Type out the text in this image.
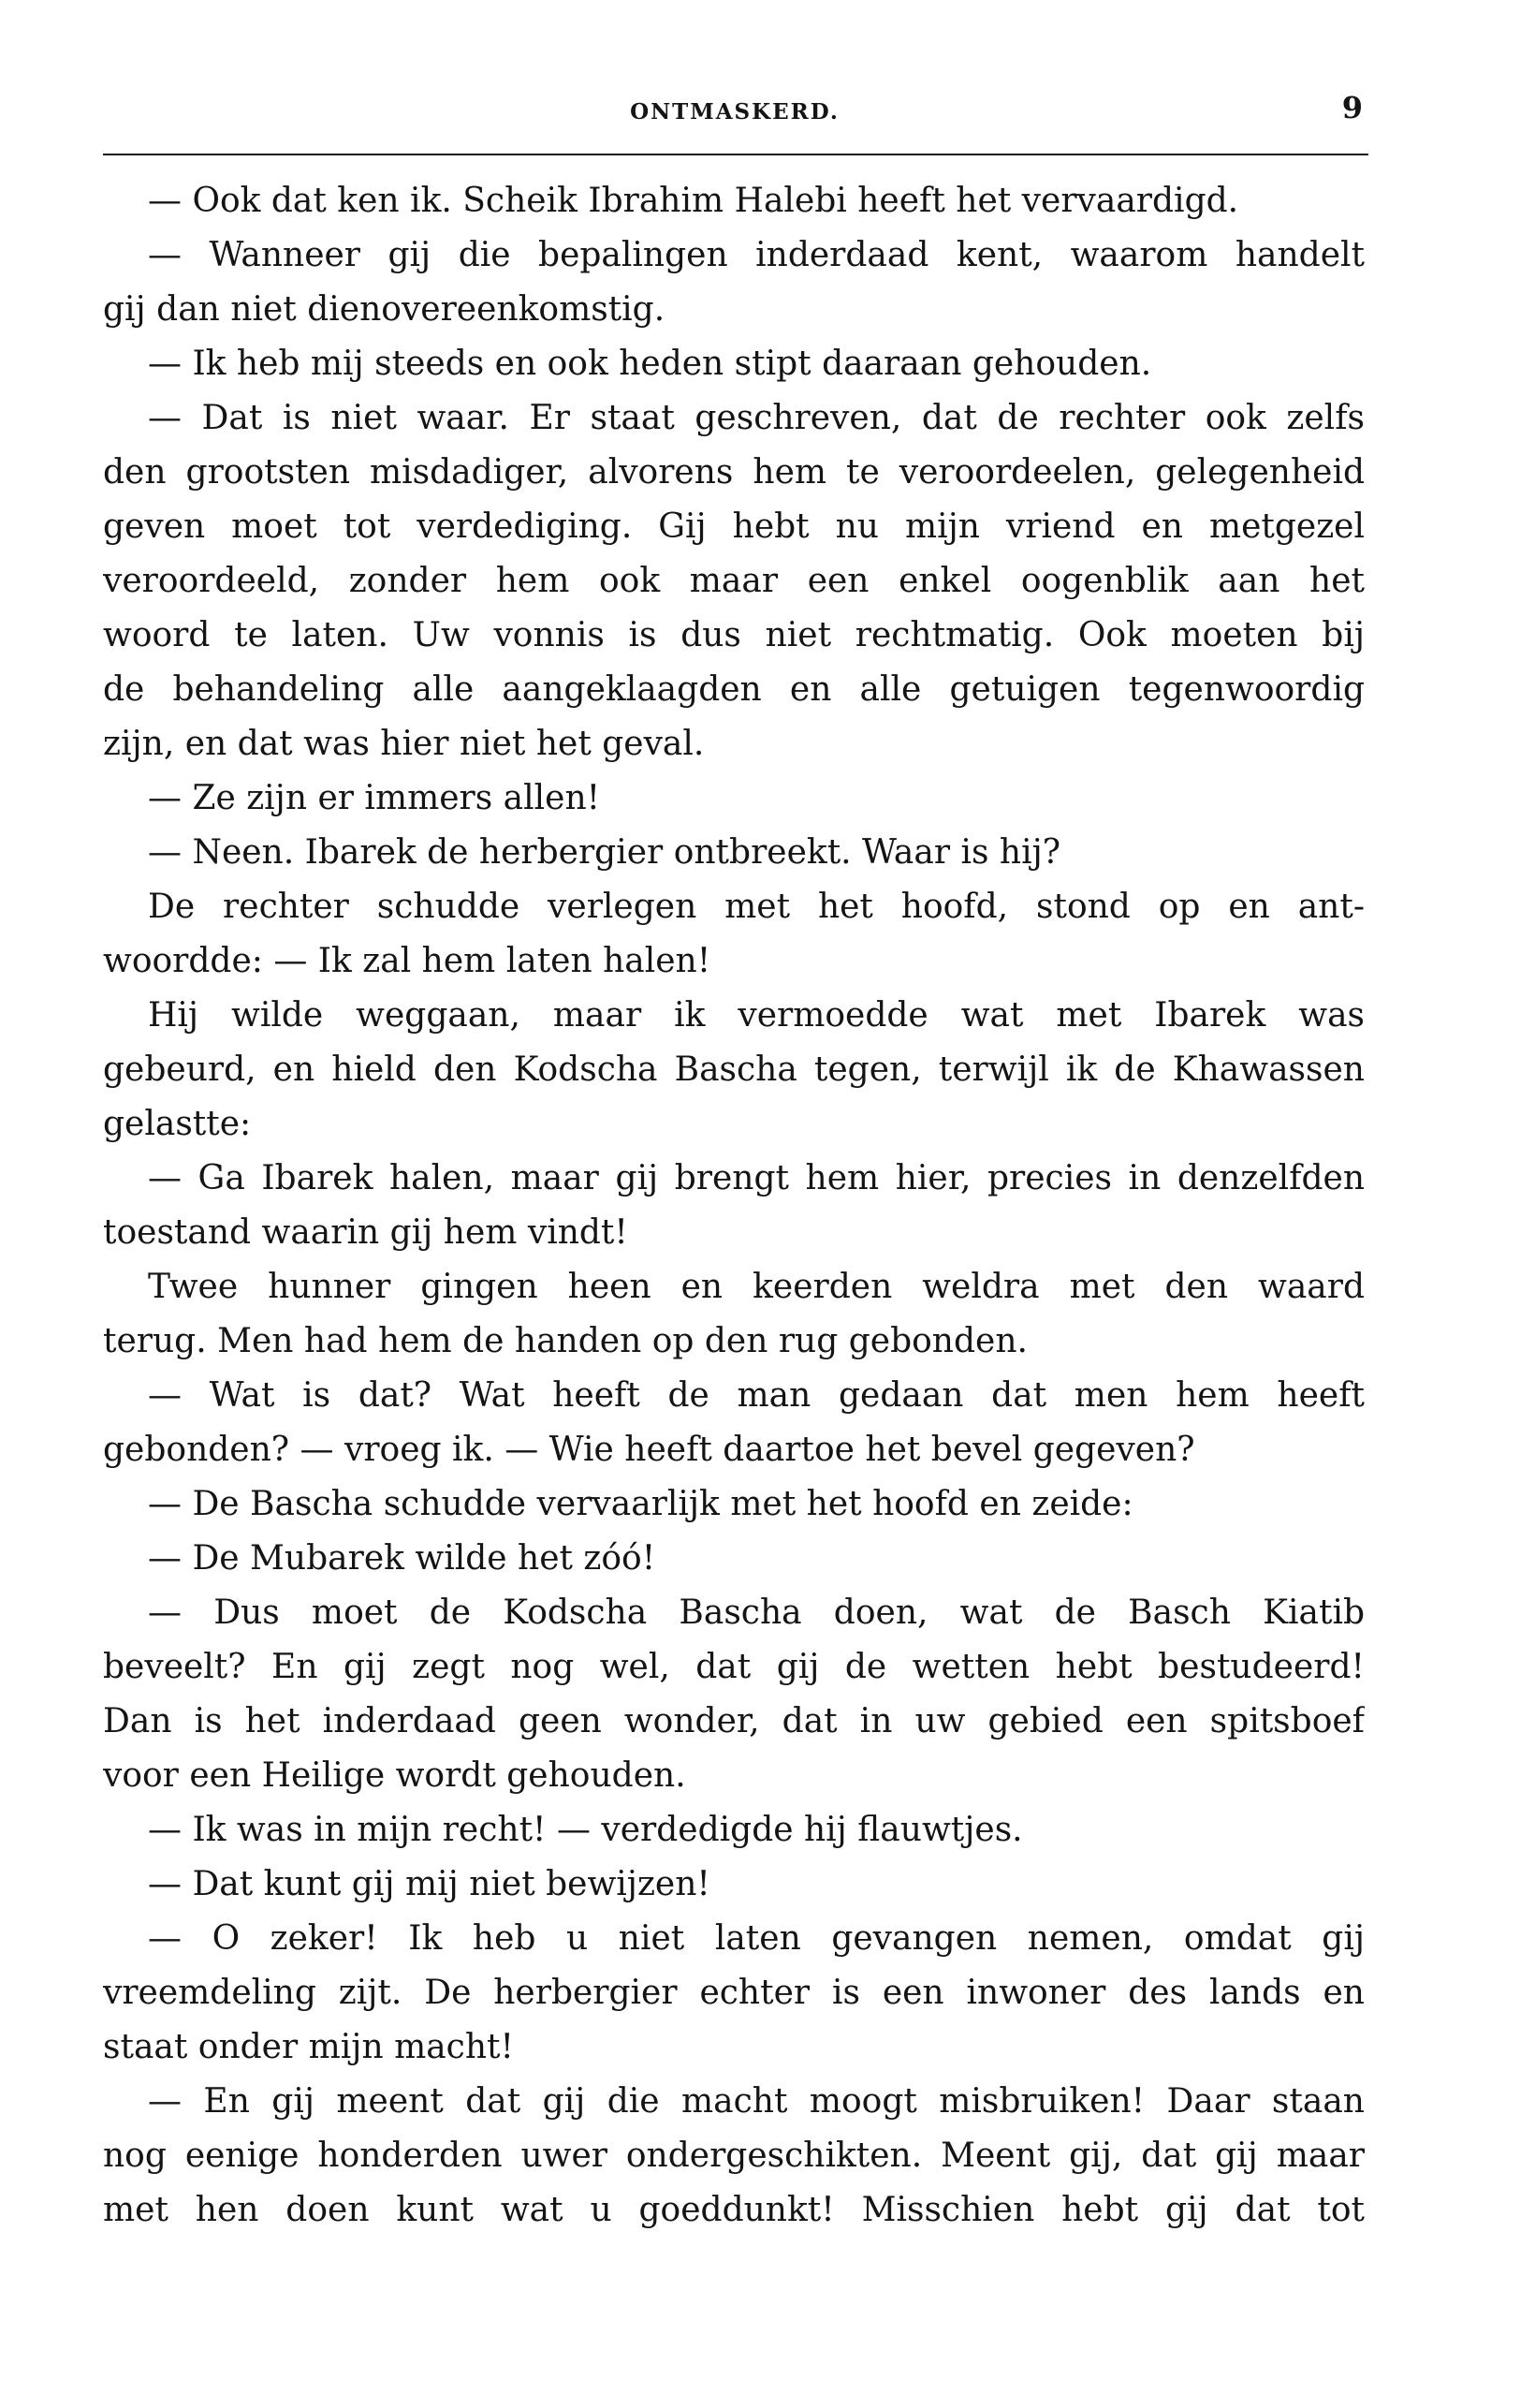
ONTMASKERD.	9
— Ook dat ken ik. Scheik Ibrahim Halebi heeft het vervaardigd.
— Wanneer gij die bepalingen inderdaad kent, waarom handelt
gij dan niet dienovereenkomstig.
— Ik heb mij steeds en ook heden stipt daaraan gehouden.
— Dat is niet waar. Er staat geschreven, dat de rechter ook zelfs
den grootsten misdadiger, alvorens hem te veroordeelen, gelegenheid
geven moet tot verdediging. Gij hebt nu mijn vriend en metgezel
veroordeeld, zonder hem ook maar een enkel oogenblik aan het
woord te laten. Uw vonnis is dus niet rechtmatig. Ook moeten bij
de behandeling alle aangeklaagden en alle getuigen tegenwoordig
zijn, en dat was hier niet het geval.
— Ze zijn er immers allen!
— Neen. Ibarek de herbergier ontbreekt. Waar is hij?
De rechter schudde verlegen met het hoofd, stond op en ant-
woordde: — Ik zal hem laten halen!
Hij wilde weggaan, maar ik vermoedde wat met Ibarek was
gebeurd, en hield den Kodscha Bascha tegen, terwijl ik de Khawassen
gelastte:
— Ga Ibarek halen, maar gij brengt hem hier, precies in denzelfden
toestand waarin gij hem vindt!
Twee hunner gingen heen en keerden weldra met den waard
terug. Men had hem de handen op den rug gebonden.
— Wat is dat? Wat heeft de man gedaan dat men hem heeft
gebonden? — vroeg ik. — Wie heeft daartoe het bevel gegeven?
— De Bascha schudde vervaarlijk met het hoofd en zeide:
— De Mubarek wilde het zóó!
— Dus moet de Kodscha Bascha doen, wat de Basch Kiatib
beveelt? En gij zegt nog wel, dat gij de wetten hebt bestudeerd!
Dan is het inderdaad geen wonder, dat in uw gebied een spitsboef
voor een Heilige wordt gehouden.
— Ik was in mijn recht! — verdedigde hij flauwtjes.
— Dat kunt gij mij niet bewijzen!
— O zeker! Ik heb u niet laten gevangen nemen, omdat gij
vreemdeling zijt. De herbergier echter is een inwoner des lands en
staat onder mijn macht!
— En gij meent dat gij die macht moogt misbruiken! Daar staan
nog eenige honderden uwer ondergeschikten. Meent gij, dat gij maar
met hen doen kunt wat u goeddunkt! Misschien hebt gij dat tot
